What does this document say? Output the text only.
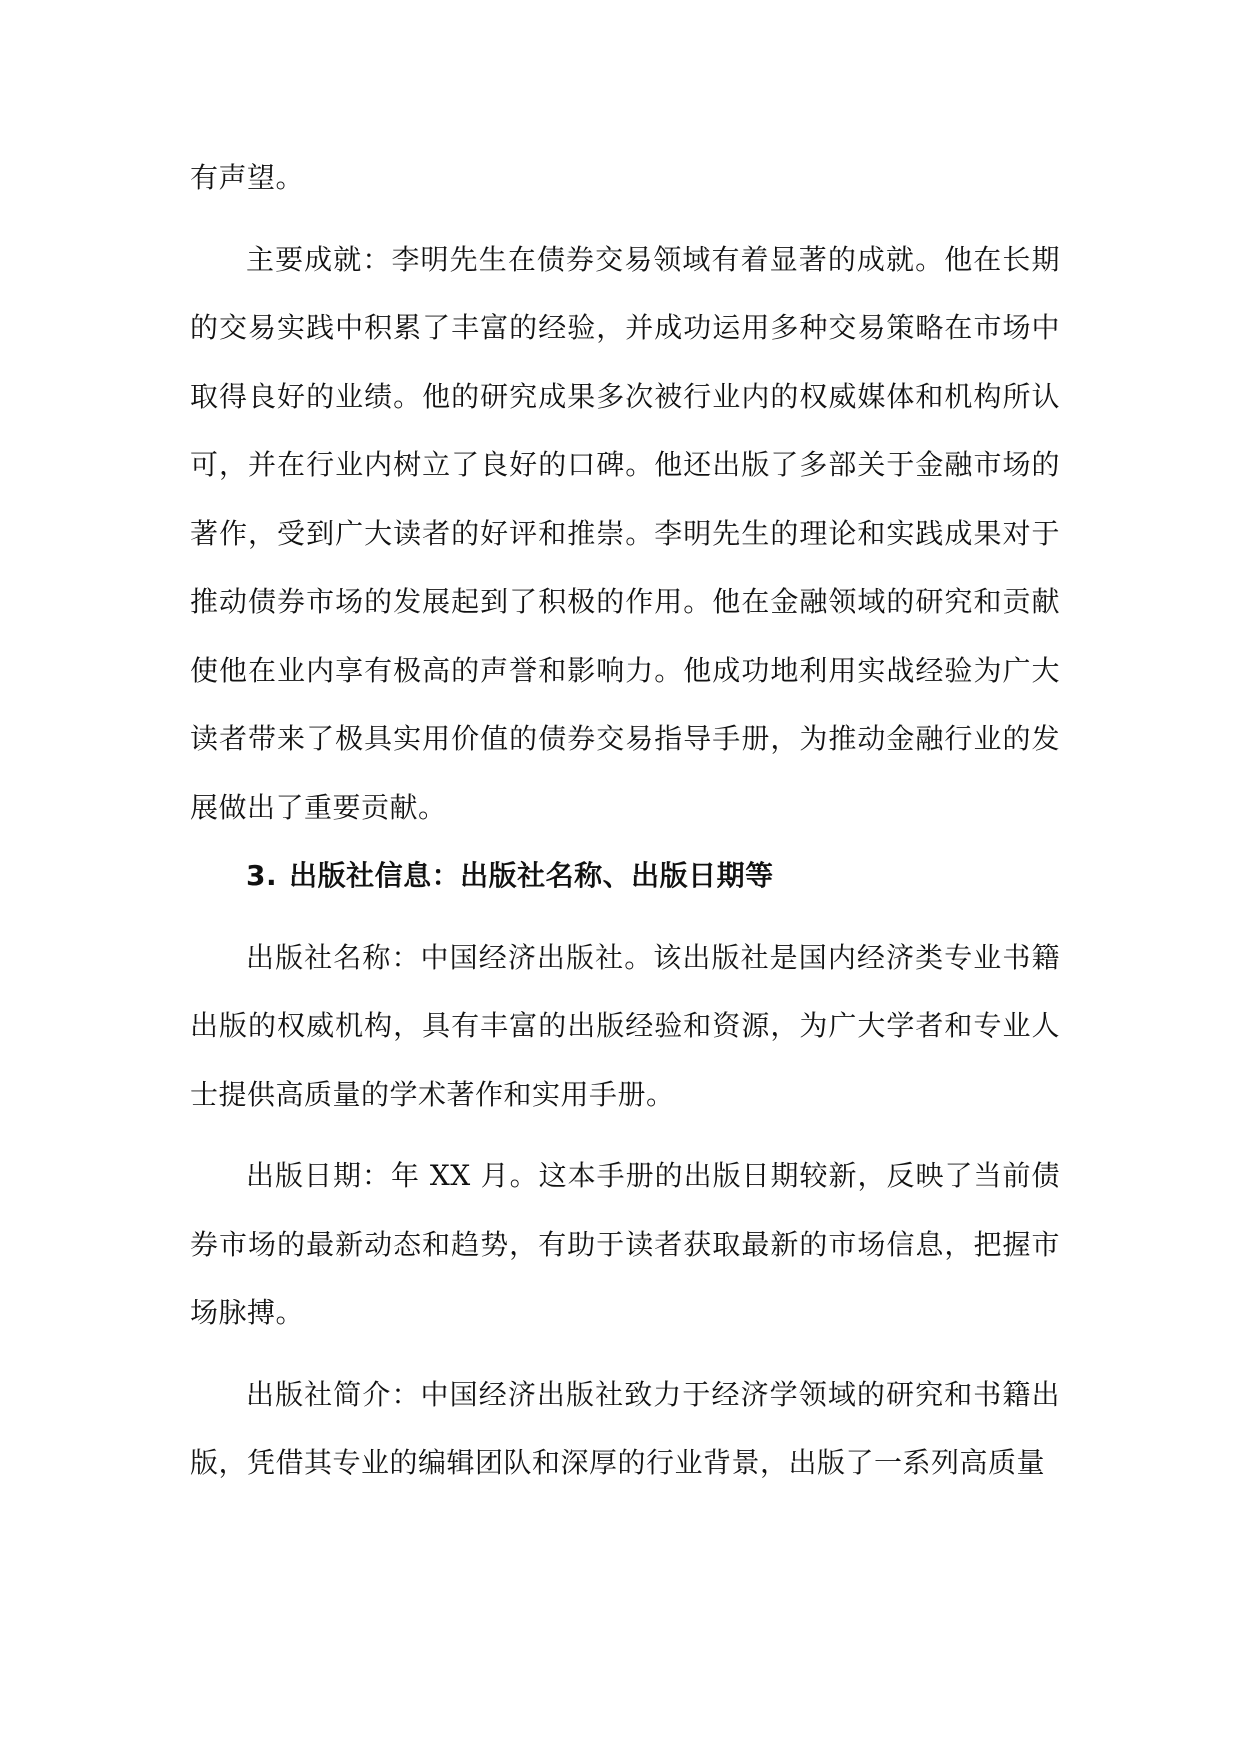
有声望。

主要成就：李明先生在债券交易领域有着显著的成就。他在长期的交易实践中积累了丰富的经验，并成功运用多种交易策略在市场中取得良好的业绩。他的研究成果多次被行业内的权威媒体和机构所认可，并在行业内树立了良好的口碑。他还出版了多部关于金融市场的著作，受到广大读者的好评和推崇。李明先生的理论和实践成果对于推动债券市场的发展起到了积极的作用。他在金融领域的研究和贡献使他在业内享有极高的声誉和影响力。他成功地利用实战经验为广大读者带来了极具实用价值的债券交易指导手册，为推动金融行业的发展做出了重要贡献。

3. 出版社信息：出版社名称、出版日期等

出版社名称：中国经济出版社。该出版社是国内经济类专业书籍出版的权威机构，具有丰富的出版经验和资源，为广大学者和专业人士提供高质量的学术著作和实用手册。

出版日期：年 XX 月。这本手册的出版日期较新，反映了当前债券市场的最新动态和趋势，有助于读者获取最新的市场信息，把握市场脉搏。

出版社简介：中国经济出版社致力于经济学领域的研究和书籍出版，凭借其专业的编辑团队和深厚的行业背景，出版了一系列高质量
